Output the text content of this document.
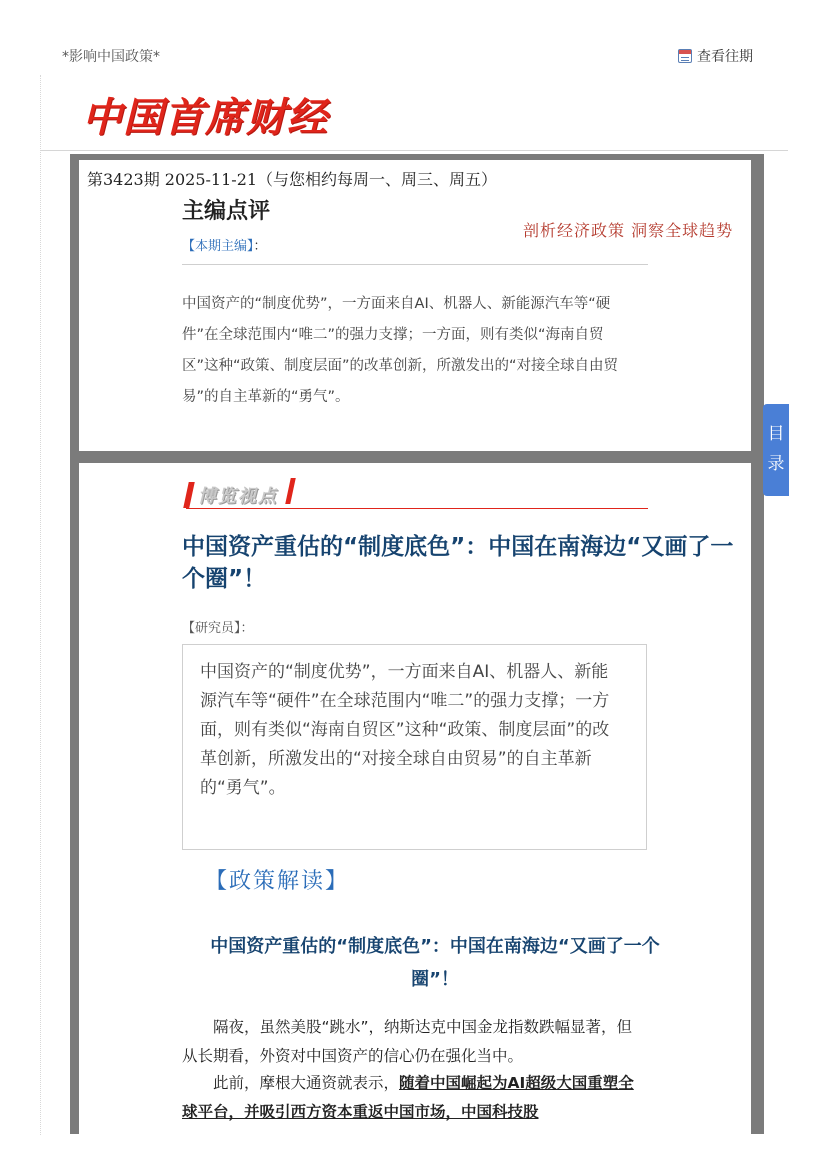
*影响中国政策*	查看往期
中国首席财经
第3423期 2025-11-21（与您相约每周一、周三、周五）
主编点评
剖析经济政策 洞察全球趋势
【本期主编】：
中国资产的“制度优势”，一方面来自AI、机器人、新能源汽车等“硬件”在全球范围内“唯二”的强力支撑；一方面，则有类似“海南自贸区”这种“政策、制度层面”的改革创新，所激发出的“对接全球自由贸易”的自主革新的“勇气”。
目
录
博览视点
中国资产重估的“制度底色”：中国在南海边“又画了一个圈”！
【研究员】：
中国资产的“制度优势”，一方面来自AI、机器人、新能源汽车等“硬件”在全球范围内“唯二”的强力支撑；一方面，则有类似“海南自贸区”这种“政策、制度层面”的改革创新，所激发出的“对接全球自由贸易”的自主革新的“勇气”。
【政策解读】
中国资产重估的“制度底色”：中国在南海边“又画了一个圈”！
隔夜，虽然美股“跳水”，纳斯达克中国金龙指数跌幅显著，但从长期看，外资对中国资产的信心仍在强化当中。
此前，摩根大通资就表示，随着中国崛起为AI超级大国重塑全球平台，并吸引西方资本重返中国市场，中国科技股
